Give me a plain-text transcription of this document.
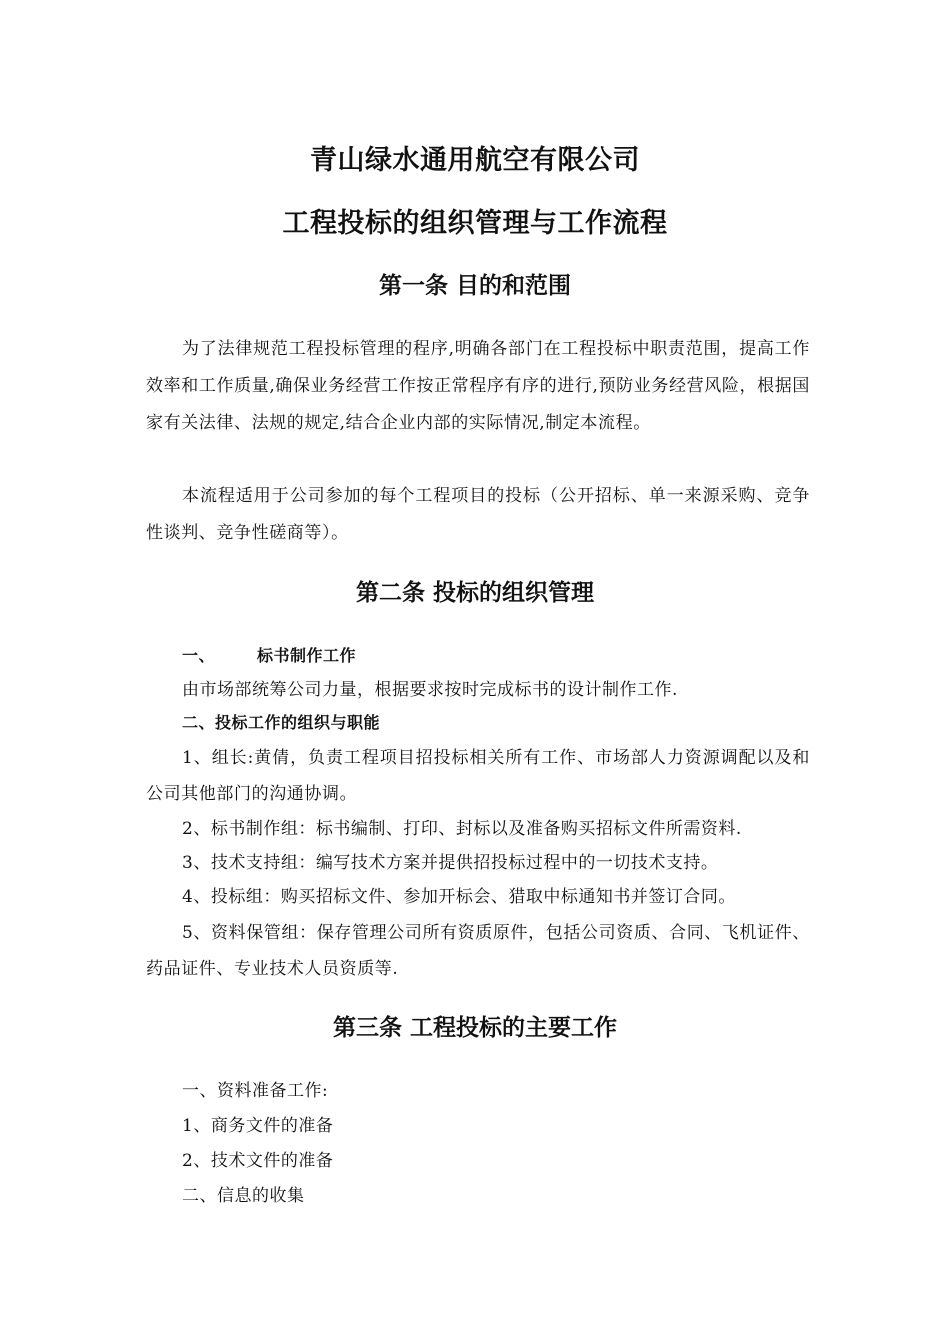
青山绿水通用航空有限公司
工程投标的组织管理与工作流程
第一条 目的和范围
为了法律规范工程投标管理的程序,明确各部门在工程投标中职责范围，提高工作效率和工作质量,确保业务经营工作按正常程序有序的进行,预防业务经营风险，根据国家有关法律、法规的规定,结合企业内部的实际情况,制定本流程。
本流程适用于公司参加的每个工程项目的投标（公开招标、单一来源采购、竞争性谈判、竞争性磋商等）。
第二条 投标的组织管理
一、	标书制作工作
由市场部统筹公司力量，根据要求按时完成标书的设计制作工作.
二、投标工作的组织与职能
1、组长:黄倩，负责工程项目招投标相关所有工作、市场部人力资源调配以及和公司其他部门的沟通协调。
2、标书制作组：标书编制、打印、封标以及准备购买招标文件所需资料.
3、技术支持组：编写技术方案并提供招投标过程中的一切技术支持。
4、投标组：购买招标文件、参加开标会、猎取中标通知书并签订合同。
5、资料保管组：保存管理公司所有资质原件，包括公司资质、合同、飞机证件、药品证件、专业技术人员资质等.
第三条 工程投标的主要工作
一、资料准备工作:
1、商务文件的准备
2、技术文件的准备
二、信息的收集
